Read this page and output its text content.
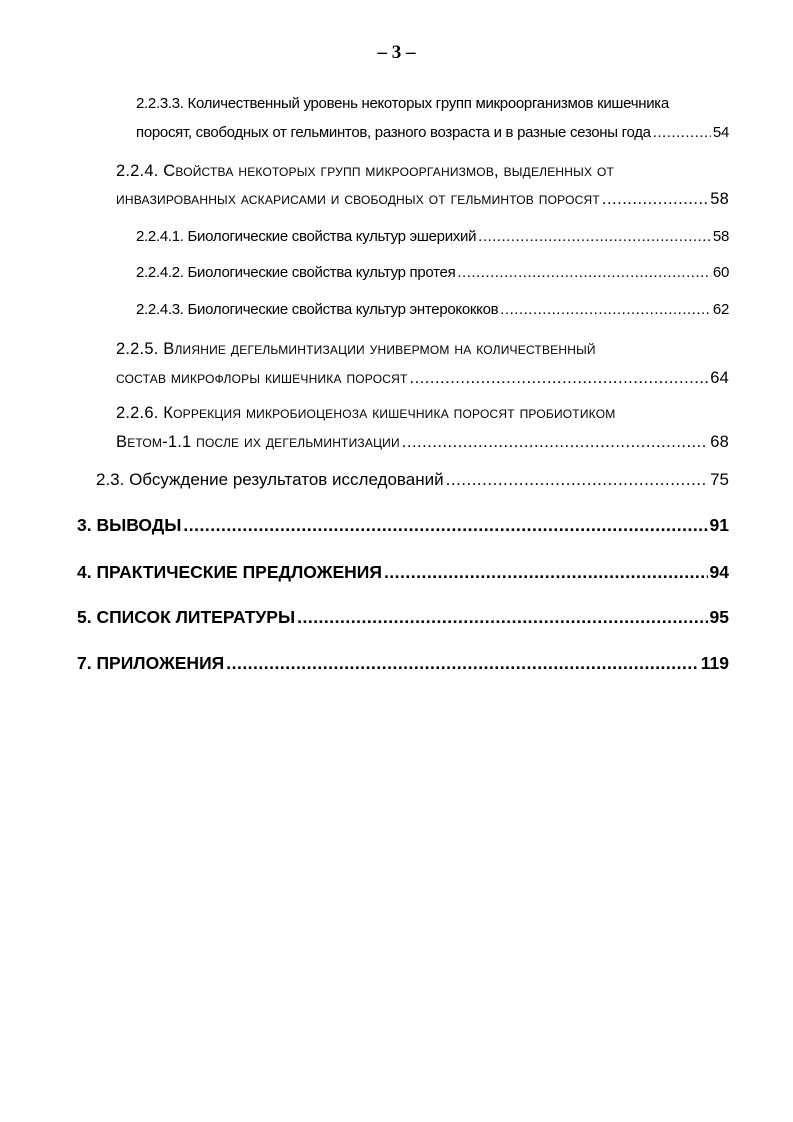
– 3 –
2.2.3.3. Количественный уровень некоторых групп микроорганизмов кишечника
поросят, свободных от гельминтов, разного возраста и в разные сезоны года .....	54
2.2.4. Свойства некоторых групп микроорганизмов, выделенных от
инвазированных аскарисами и свободных от гельминтов поросят .....	58
2.2.4.1. Биологические свойства культур эшерихий .....	58
2.2.4.2. Биологические свойства культур протея .....	60
2.2.4.3. Биологические свойства культур энтерококков .....	62
2.2.5. Влияние дегельминтизации универмом на количественный
состав микрофлоры кишечника поросят .....	64
2.2.6. Коррекция микробиоценоза кишечника поросят пробиотиком
Ветом-1.1 после их дегельминтизации .....	68
2.3. Обсуждение результатов исследований .....	75
3. ВЫВОДЫ .....	91
4. ПРАКТИЧЕСКИЕ ПРЕДЛОЖЕНИЯ .....	94
5. СПИСОК ЛИТЕРАТУРЫ .....	95
7. ПРИЛОЖЕНИЯ .....	119
